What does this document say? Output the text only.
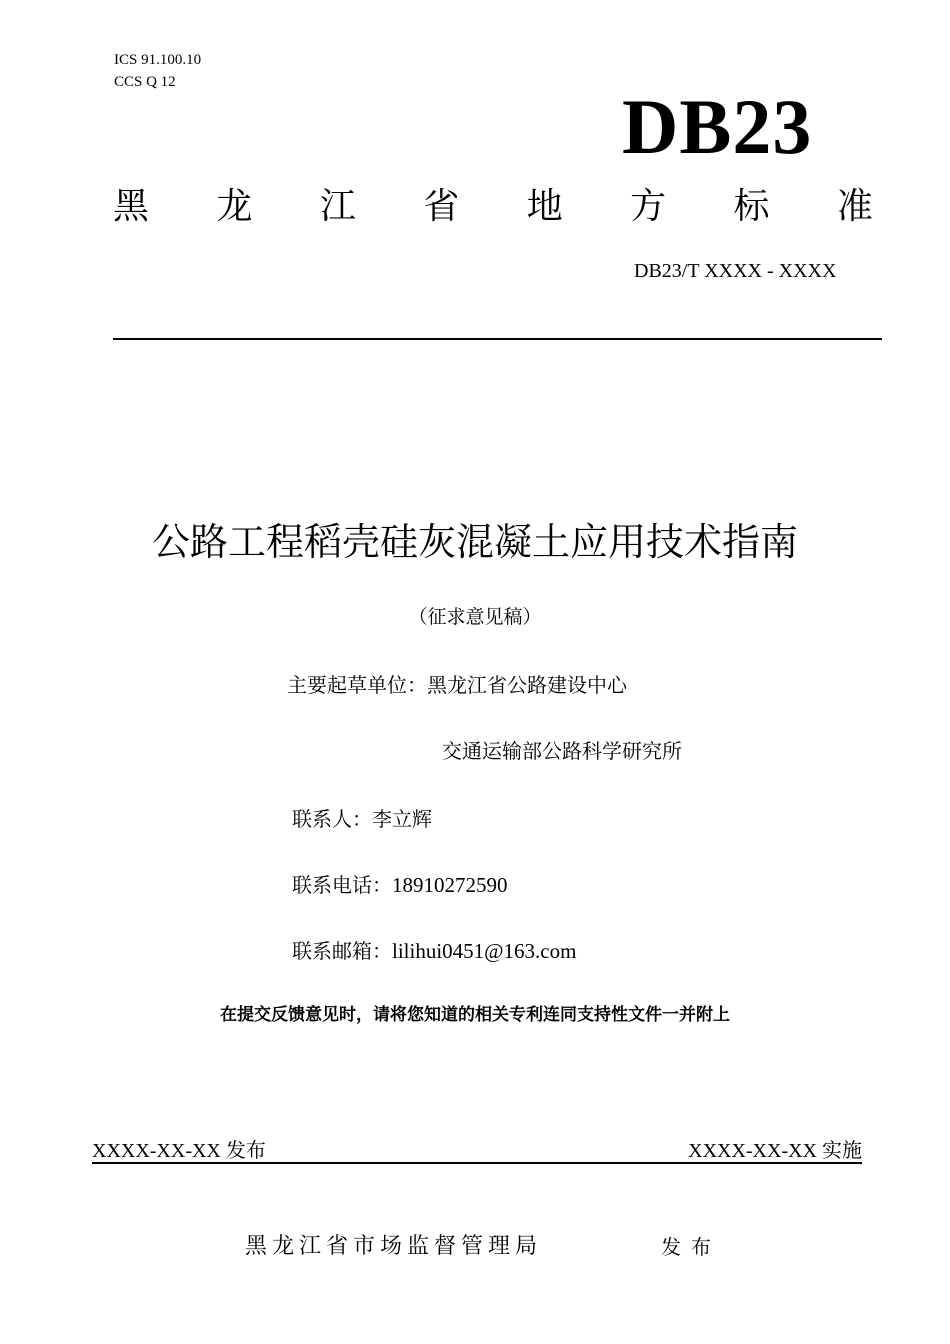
ICS 91.100.10
CCS Q 12
DB23
黑 龙 江 省 地 方 标 准
DB23/T XXXX - XXXX
公路工程稻壳硅灰混凝土应用技术指南
（征求意见稿）
主要起草单位：黑龙江省公路建设中心
交通运输部公路科学研究所
联系人：李立辉
联系电话：18910272590
联系邮箱：lilihui0451@163.com
在提交反馈意见时，请将您知道的相关专利连同支持性文件一并附上
XXXX-XX-XX 发布	XXXX-XX-XX 实施
黑龙江省市场监督管理局	发布
